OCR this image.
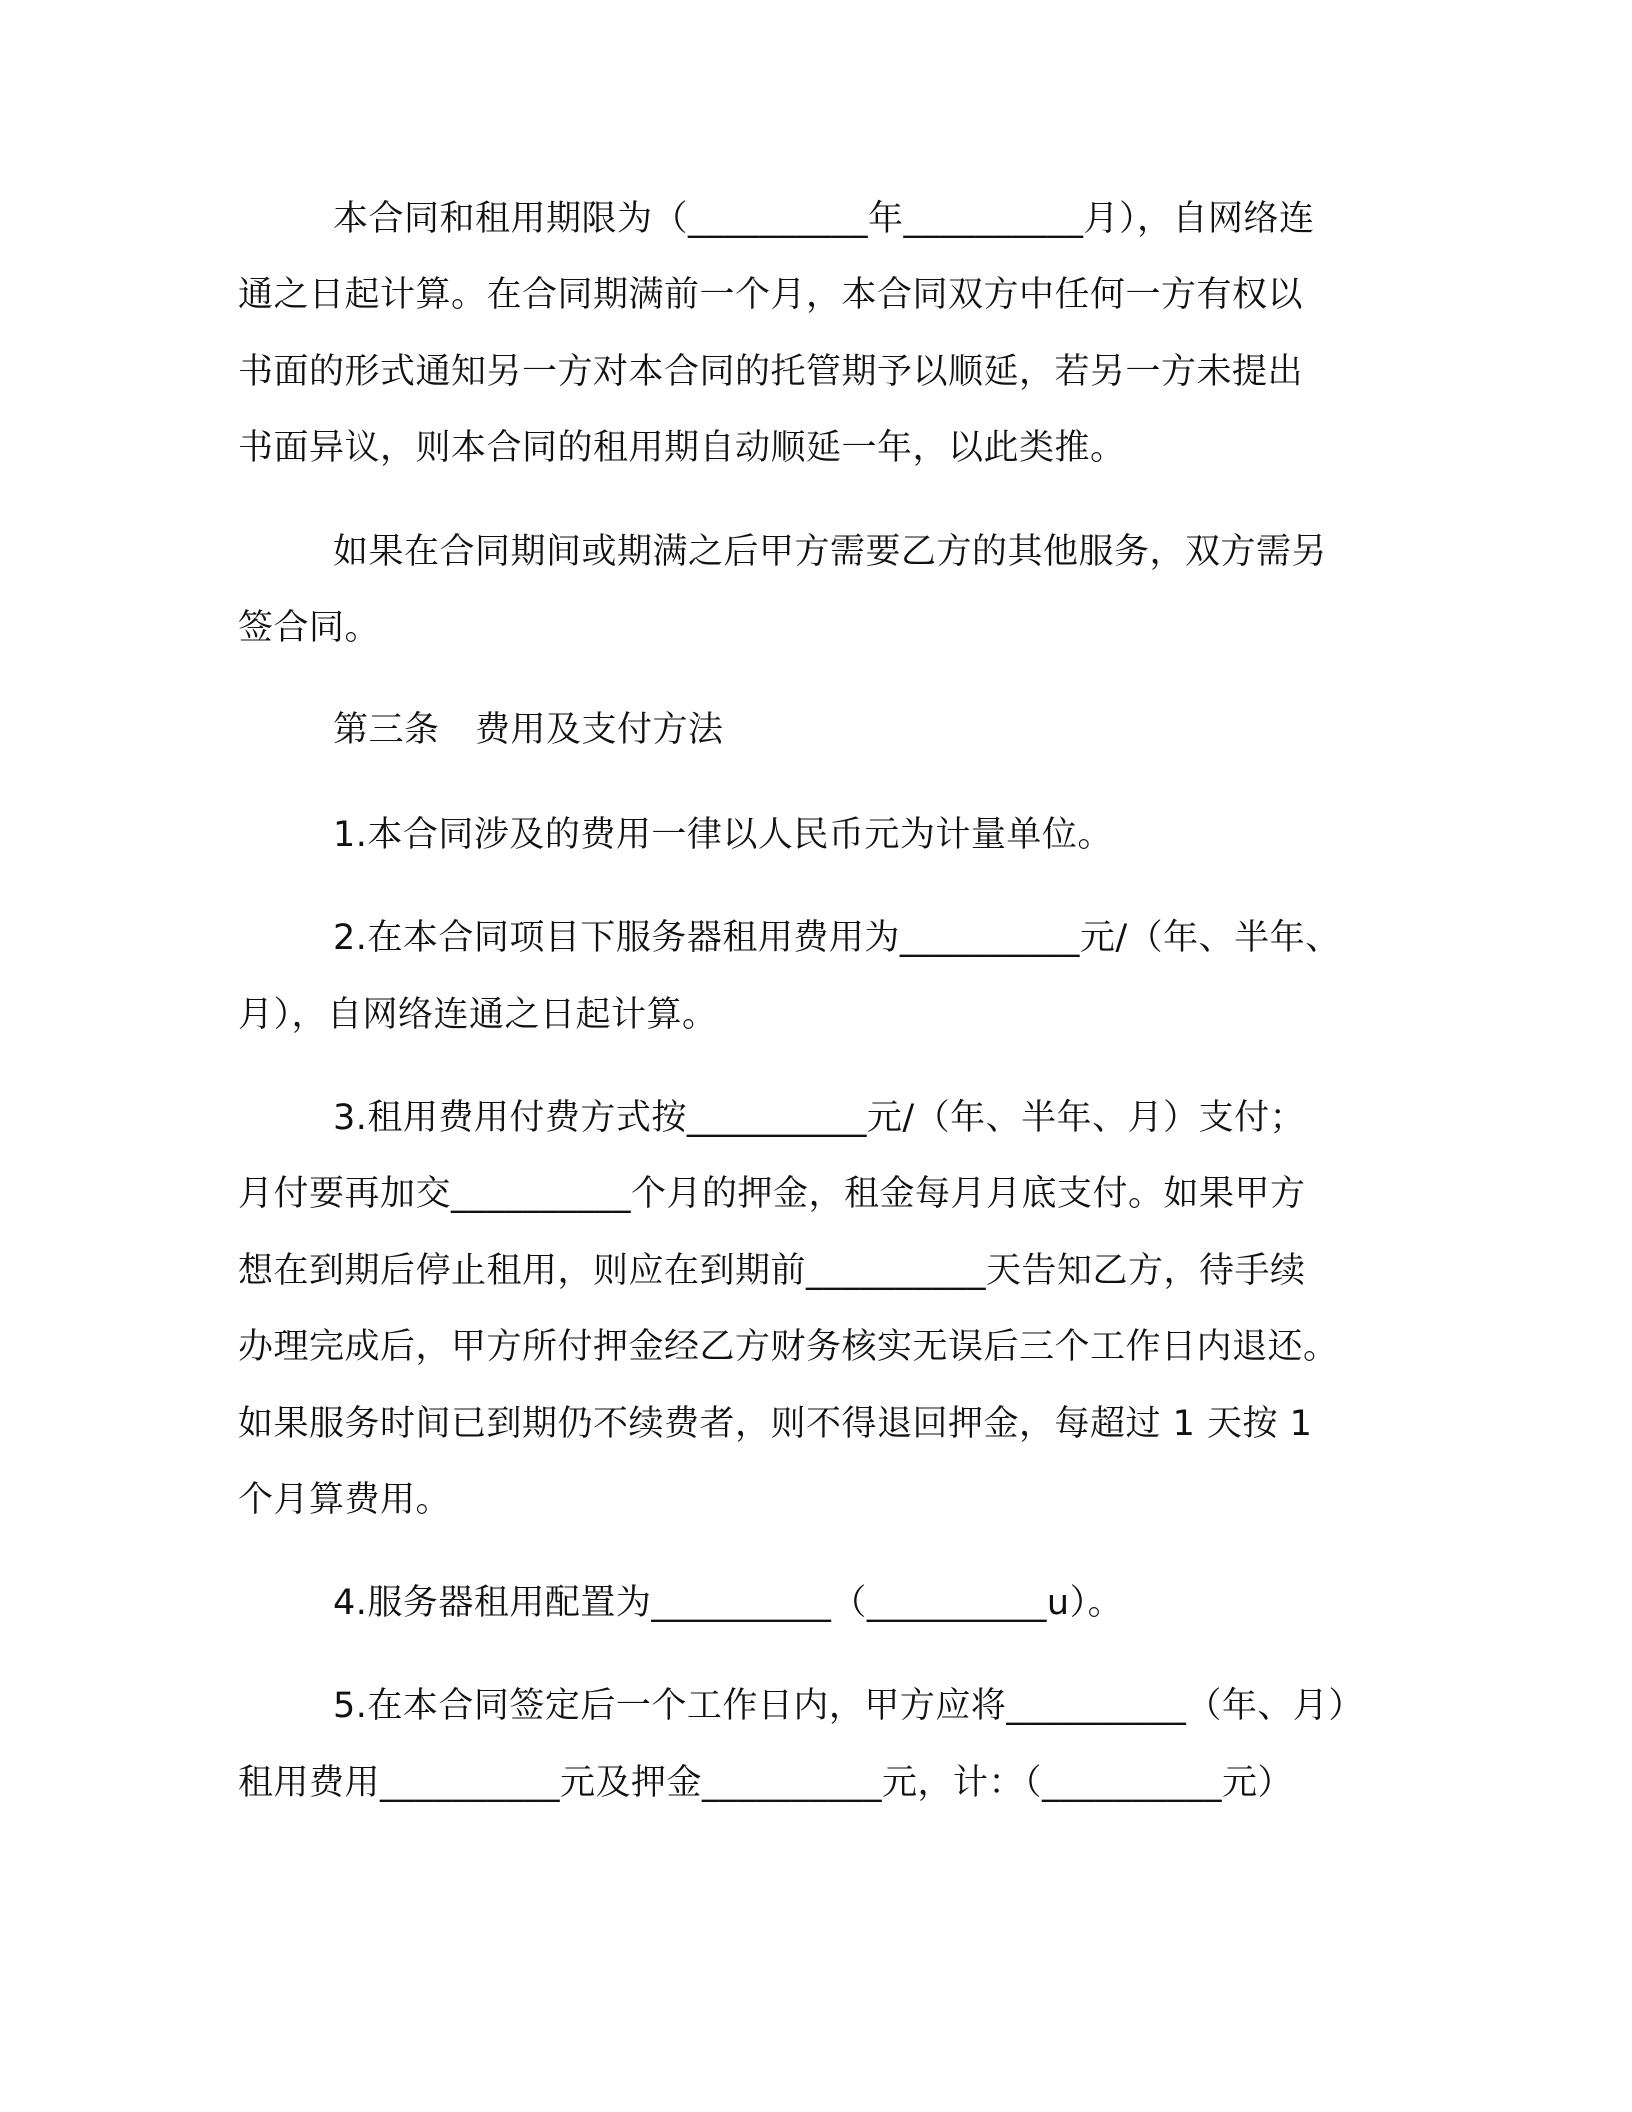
本合同和租用期限为（__________年__________月），自网络连
通之日起计算。在合同期满前一个月，本合同双方中任何一方有权以
书面的形式通知另一方对本合同的托管期予以顺延，若另一方未提出
书面异议，则本合同的租用期自动顺延一年，以此类推。
如果在合同期间或期满之后甲方需要乙方的其他服务，双方需另
签合同。
第三条　费用及支付方法
1.本合同涉及的费用一律以人民币元为计量单位。
2.在本合同项目下服务器租用费用为__________元/（年、半年、
月），自网络连通之日起计算。
3.租用费用付费方式按__________元/（年、半年、月）支付；
月付要再加交__________个月的押金，租金每月月底支付。如果甲方
想在到期后停止租用，则应在到期前__________天告知乙方，待手续
办理完成后，甲方所付押金经乙方财务核实无误后三个工作日内退还。
如果服务时间已到期仍不续费者，则不得退回押金，每超过 1 天按 1
个月算费用。
4.服务器租用配置为__________（__________u）。
5.在本合同签定后一个工作日内，甲方应将__________（年、月）
租用费用__________元及押金__________元，计：（__________元）
